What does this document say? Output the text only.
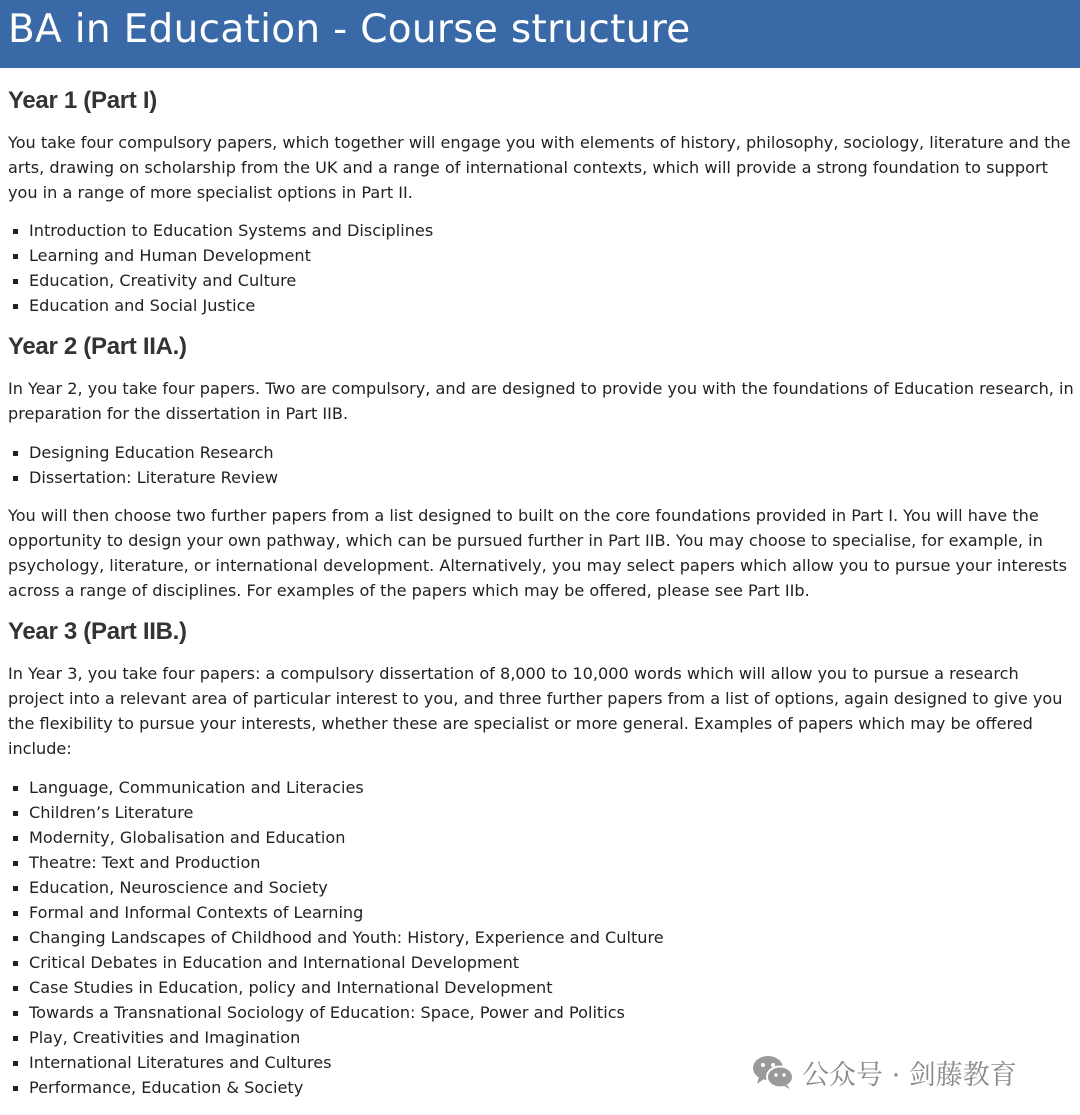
BA in Education - Course structure
Year 1 (Part I)

You take four compulsory papers, which together will engage you with elements of history, philosophy, sociology, literature and the arts, drawing on scholarship from the UK and a range of international contexts, which will provide a strong foundation to support you in a range of more specialist options in Part II.

Introduction to Education Systems and Disciplines
Learning and Human Development
Education, Creativity and Culture
Education and Social Justice
Year 2 (Part IIA.)

In Year 2, you take four papers. Two are compulsory, and are designed to provide you with the foundations of Education research, in preparation for the dissertation in Part IIB.

Designing Education Research
Dissertation: Literature Review

You will then choose two further papers from a list designed to built on the core foundations provided in Part I. You will have the opportunity to design your own pathway, which can be pursued further in Part IIB. You may choose to specialise, for example, in psychology, literature, or international development. Alternatively, you may select papers which allow you to pursue your interests across a range of disciplines. For examples of the papers which may be offered, please see Part IIb.

Year 3 (Part IIB.)

In Year 3, you take four papers: a compulsory dissertation of 8,000 to 10,000 words which will allow you to pursue a research project into a relevant area of particular interest to you, and three further papers from a list of options, again designed to give you the flexibility to pursue your interests, whether these are specialist or more general. Examples of papers which may be offered include:

Language, Communication and Literacies
Children’s Literature
Modernity, Globalisation and Education
Theatre: Text and Production
Education, Neuroscience and Society
Formal and Informal Contexts of Learning
Changing Landscapes of Childhood and Youth: History, Experience and Culture
Critical Debates in Education and International Development
Case Studies in Education, policy and International Development
Towards a Transnational Sociology of Education: Space, Power and Politics
Play, Creativities and Imagination
International Literatures and Cultures
Performance, Education & Society	公众号 · 剑藤教育
